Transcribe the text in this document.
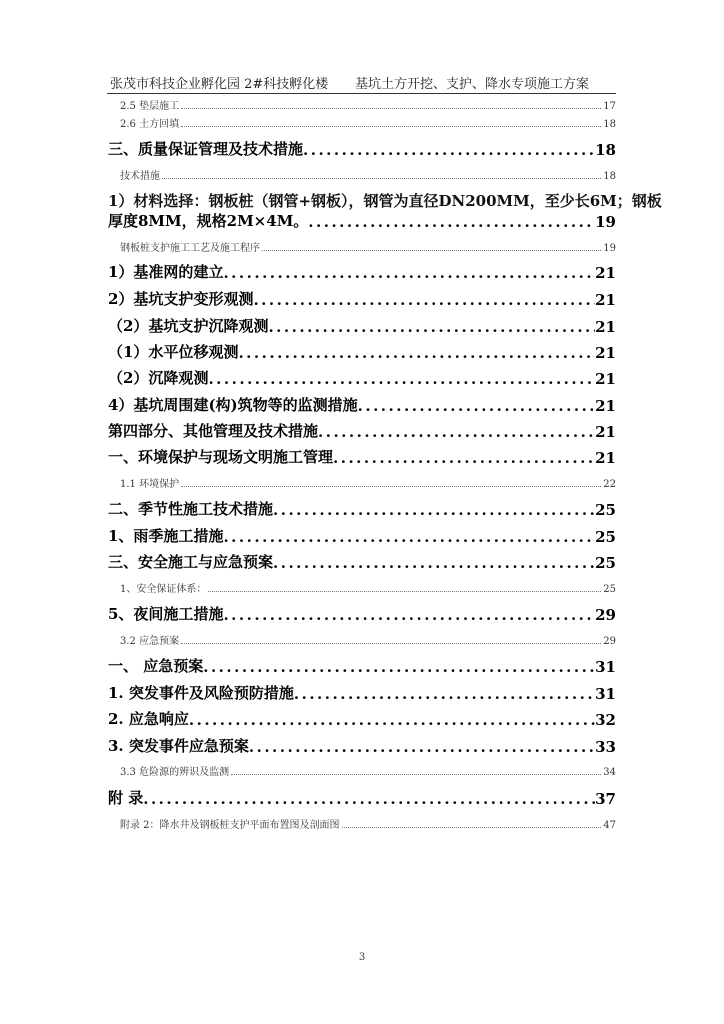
张茂市科技企业孵化园 2#科技孵化楼 基坑土方开挖、支护、降水专项施工方案
2.5 垫层施工	17
2.6 土方回填	18
三、质量保证管理及技术措施 .....	18
技术措施	18
1）材料选择：钢板桩（钢管+钢板），钢管为直径DN200MM，至少长6M；钢板
厚度8MM，规格2M×4M。 .....	19
钢板桩支护施工工艺及施工程序	19
1）基准网的建立 .....	21
2）基坑支护变形观测 .....	21
（2）基坑支护沉降观测 .....	21
（1）水平位移观测 .....	21
（2）沉降观测 .....	21
4）基坑周围建(构)筑物等的监测措施 .....	21
第四部分、其他管理及技术措施 .....	21
一、环境保护与现场文明施工管理 .....	21
1.1 环境保护	22
二、季节性施工技术措施 .....	25
1、雨季施工措施 .....	25
三、安全施工与应急预案 .....	25
1、安全保证体系：	25
5、夜间施工措施 .....	29
3.2 应急预案	29
一、 应急预案 .....	31
1. 突发事件及风险预防措施 .....	31
2. 应急响应 .....	32
3. 突发事件应急预案 .....	33
3.3 危险源的辨识及监测	34
附 录 .....	37
附录 2：降水井及钢板桩支护平面布置图及剖面图	47
3
